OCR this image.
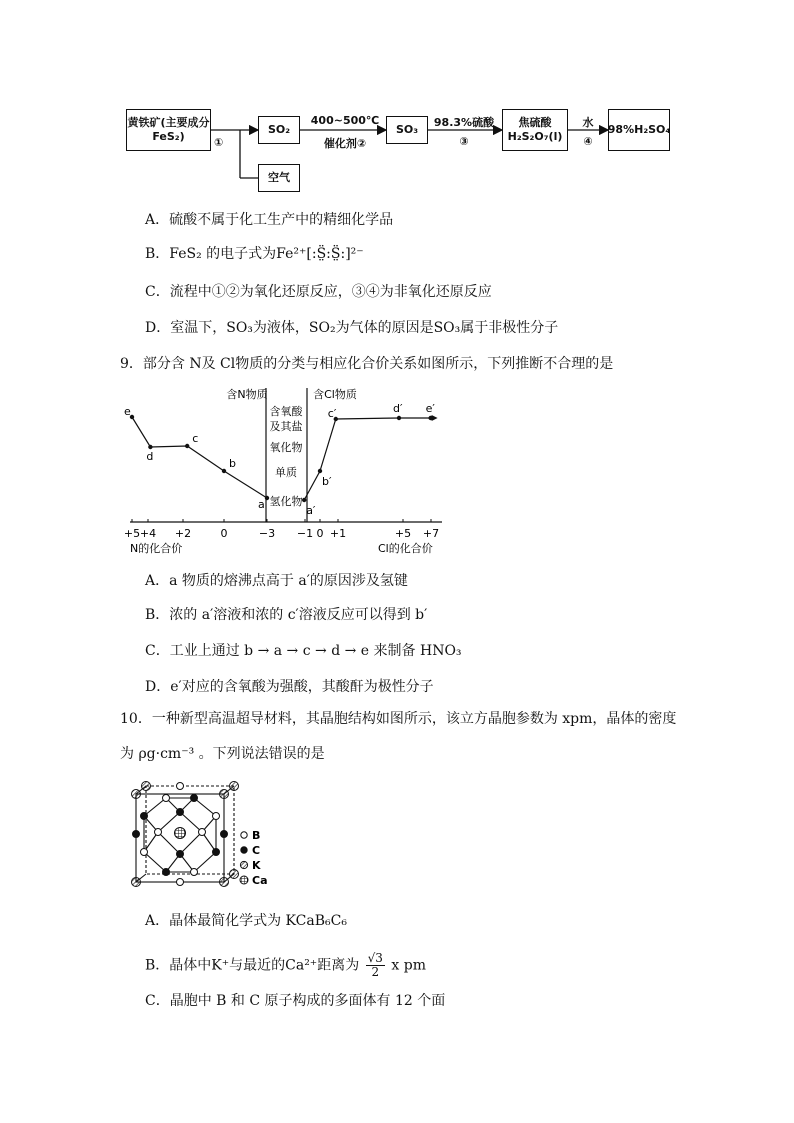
黄铁矿(主要成分FeS₂)
SO₂
空气
SO₃
焦硫酸H₂S₂O₇(l)
98%H₂SO₄
①
400~500℃
催化剂②
98.3%硫酸
③
水
④
A．硫酸不属于化工生产中的精细化学品
B．FeS₂ 的电子式为Fe²⁺[:S̤̈:S̤̈:]²⁻
C．流程中①②为氧化还原反应，③④为非氧化还原反应
D．室温下，SO₃为液体，SO₂为气体的原因是SO₃属于非极性分子
9．部分含 N及 Cl物质的分类与相应化合价关系如图所示，下列推断不合理的是
含N物质	含Cl物质
含氧酸
及其盐
氧化物
单质
氢化物
+5 +4 +2	0	−3 −1 0 +1	+5 +7
e
d
c
b
a	a′
b′
c′	d′ e′
N的化合价	Cl的化合价
A．a 物质的熔沸点高于 a′的原因涉及氢键
B．浓的 a′溶液和浓的 c′溶液反应可以得到 b′
C．工业上通过 b → a → c → d → e 来制备 HNO₃
D．e′对应的含氧酸为强酸，其酸酐为极性分子
10．一种新型高温超导材料，其晶胞结构如图所示，该立方晶胞参数为 xpm，晶体的密度
为 ρg·cm⁻³ 。下列说法错误的是
B
C
K
Ca
A．晶体最简化学式为 KCaB₆C₆
B．晶体中K⁺与最近的Ca²⁺距离为 $\frac{√3}{2}$ x pm
C．晶胞中 B 和 C 原子构成的多面体有 12 个面
